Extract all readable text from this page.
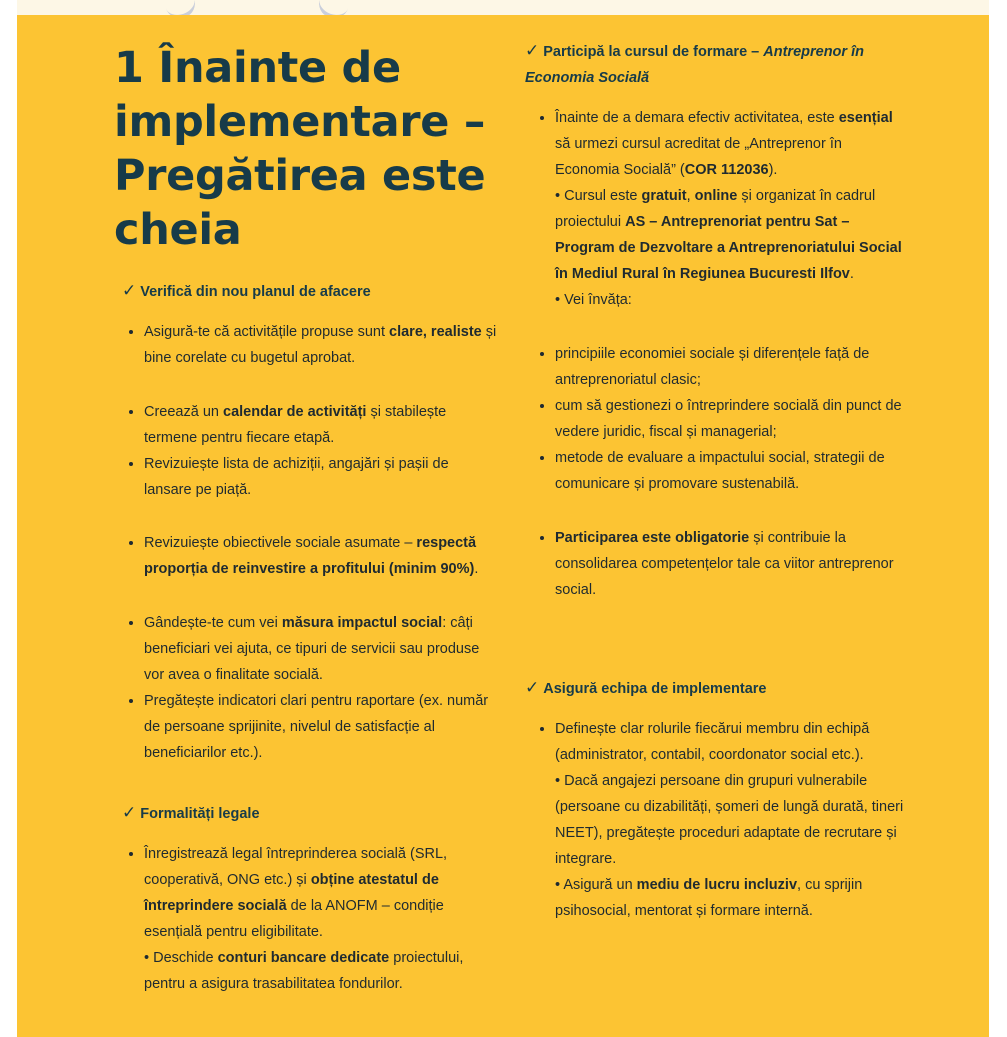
1 Înainte de implementare – Pregătirea este cheia

✓ Verifică din nou planul de afacere

• Asigură-te că activitățile propuse sunt clare, realiste și bine corelate cu bugetul aprobat.
• Creează un calendar de activități și stabilește termene pentru fiecare etapă.
• Revizuiește lista de achiziții, angajări și pașii de lansare pe piață.
• Revizuiește obiectivele sociale asumate – respectă proporția de reinvestire a profitului (minim 90%).
• Gândește-te cum vei măsura impactul social: câți beneficiari vei ajuta, ce tipuri de servicii sau produse vor avea o finalitate socială.
• Pregătește indicatori clari pentru raportare (ex. număr de persoane sprijinite, nivelul de satisfacție al beneficiarilor etc.).

✓ Formalități legale

• Înregistrează legal întreprinderea socială (SRL, cooperativă, ONG etc.) și obține atestatul de întreprindere socială de la ANOFM – condiție esențială pentru eligibilitate.
• Deschide conturi bancare dedicate proiectului, pentru a asigura trasabilitatea fondurilor.

✓ Participă la cursul de formare – Antreprenor în Economia Socială

• Înainte de a demara efectiv activitatea, este esențial să urmezi cursul acreditat de „Antreprenor în Economia Socială” (COR 112036).
• Cursul este gratuit, online și organizat în cadrul proiectului AS – Antreprenoriat pentru Sat – Program de Dezvoltare a Antreprenoriatului Social în Mediul Rural în Regiunea Bucuresti Ilfov.
• Vei învăța:
• principiile economiei sociale și diferențele față de antreprenoriatul clasic;
• cum să gestionezi o întreprindere socială din punct de vedere juridic, fiscal și managerial;
• metode de evaluare a impactului social, strategii de comunicare și promovare sustenabilă.
• Participarea este obligatorie și contribuie la consolidarea competențelor tale ca viitor antreprenor social.

✓ Asigură echipa de implementare

• Definește clar rolurile fiecărui membru din echipă (administrator, contabil, coordonator social etc.).
• Dacă angajezi persoane din grupuri vulnerabile (persoane cu dizabilități, șomeri de lungă durată, tineri NEET), pregătește proceduri adaptate de recrutare și integrare.
• Asigură un mediu de lucru incluziv, cu sprijin psihosocial, mentorat și formare internă.
